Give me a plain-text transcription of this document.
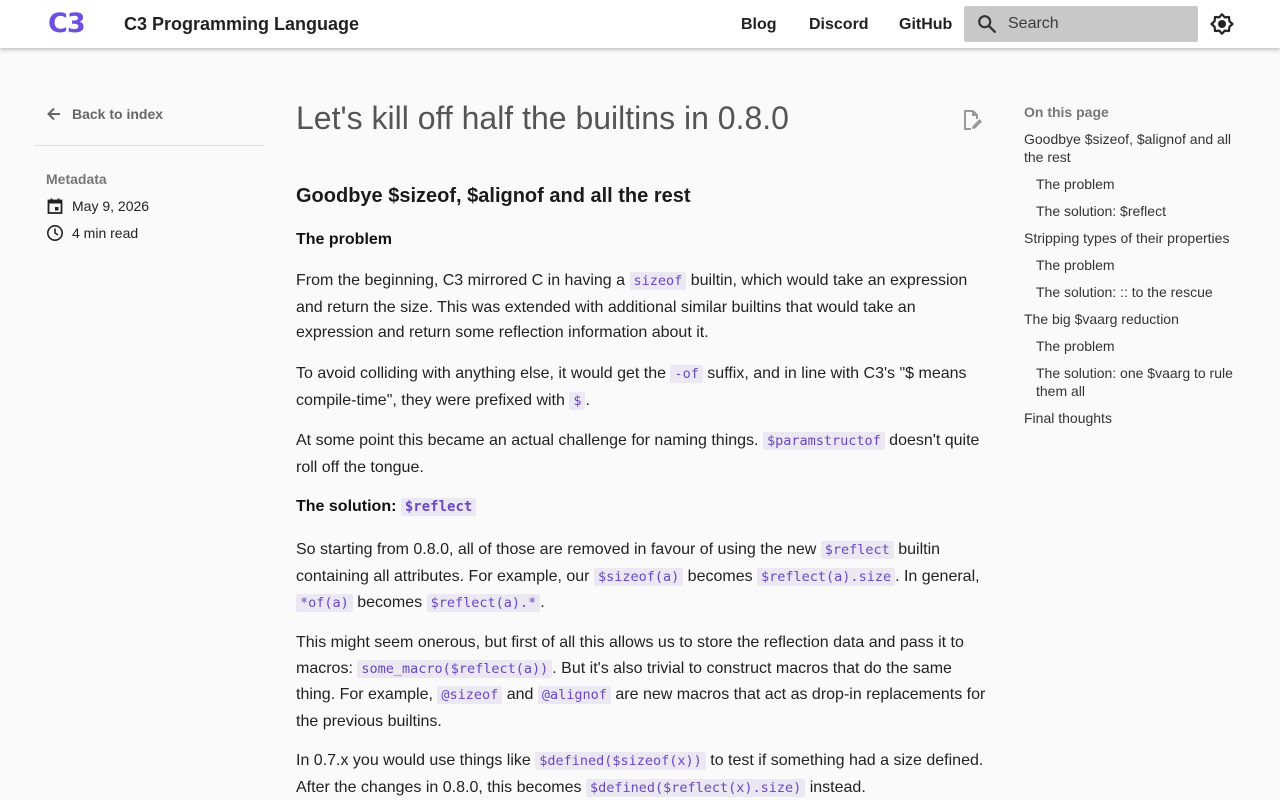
C3	C3 Programming Language	Blog Discord GitHub
Search
Back to index
Metadata
May 9, 2026
4 min read
Let's kill off half the builtins in 0.8.0
Goodbye $sizeof, $alignof and all the rest
The problem

From the beginning, C3 mirrored C in having a sizeof builtin, which would take an expression and return the size. This was extended with additional similar builtins that would take an expression and return some reflection information about it.

To avoid colliding with anything else, it would get the -of suffix, and in line with C3's "$ means compile-time", they were prefixed with $ .

At some point this became an actual challenge for naming things. $paramstructof doesn't quite roll off the tongue.

The solution: $reflect

So starting from 0.8.0, all of those are removed in favour of using the new $reflect builtin containing all attributes. For example, our $sizeof(a) becomes $reflect(a).size . In general, *of(a) becomes $reflect(a).* .

This might seem onerous, but first of all this allows us to store the reflection data and pass it to macros: some_macro($reflect(a)) . But it's also trivial to construct macros that do the same thing. For example, @sizeof and @alignof are new macros that act as drop-in replacements for the previous builtins.

In 0.7.x you would use things like $defined($sizeof(x)) to test if something had a size defined. After the changes in 0.8.0, this becomes $defined($reflect(x).size) instead.

On this page
Goodbye $sizeof, $alignof and all the rest
The problem
The solution: $reflect
Stripping types of their properties
The problem
The solution: :: to the rescue
The big $vaarg reduction
The problem
The solution: one $vaarg to rule them all
Final thoughts
